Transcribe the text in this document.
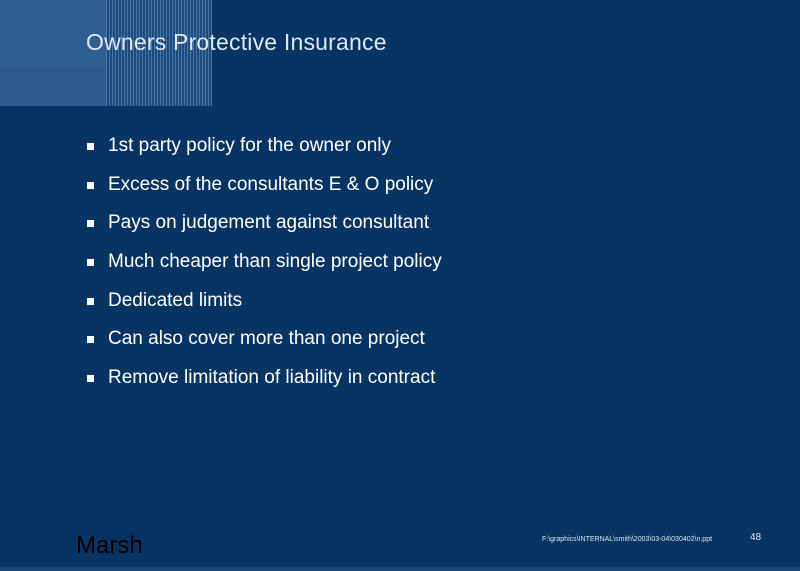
Owners Protective Insurance
1st party policy for the owner only
Excess of the consultants E & O policy
Pays on judgement against consultant
Much cheaper than single project policy
Dedicated limits
Can also cover more than one project
Remove limitation of liability in contract
Marsh	F:\graphics\INTERNAL\smith\2003\03-04\030402\n.ppt	48
